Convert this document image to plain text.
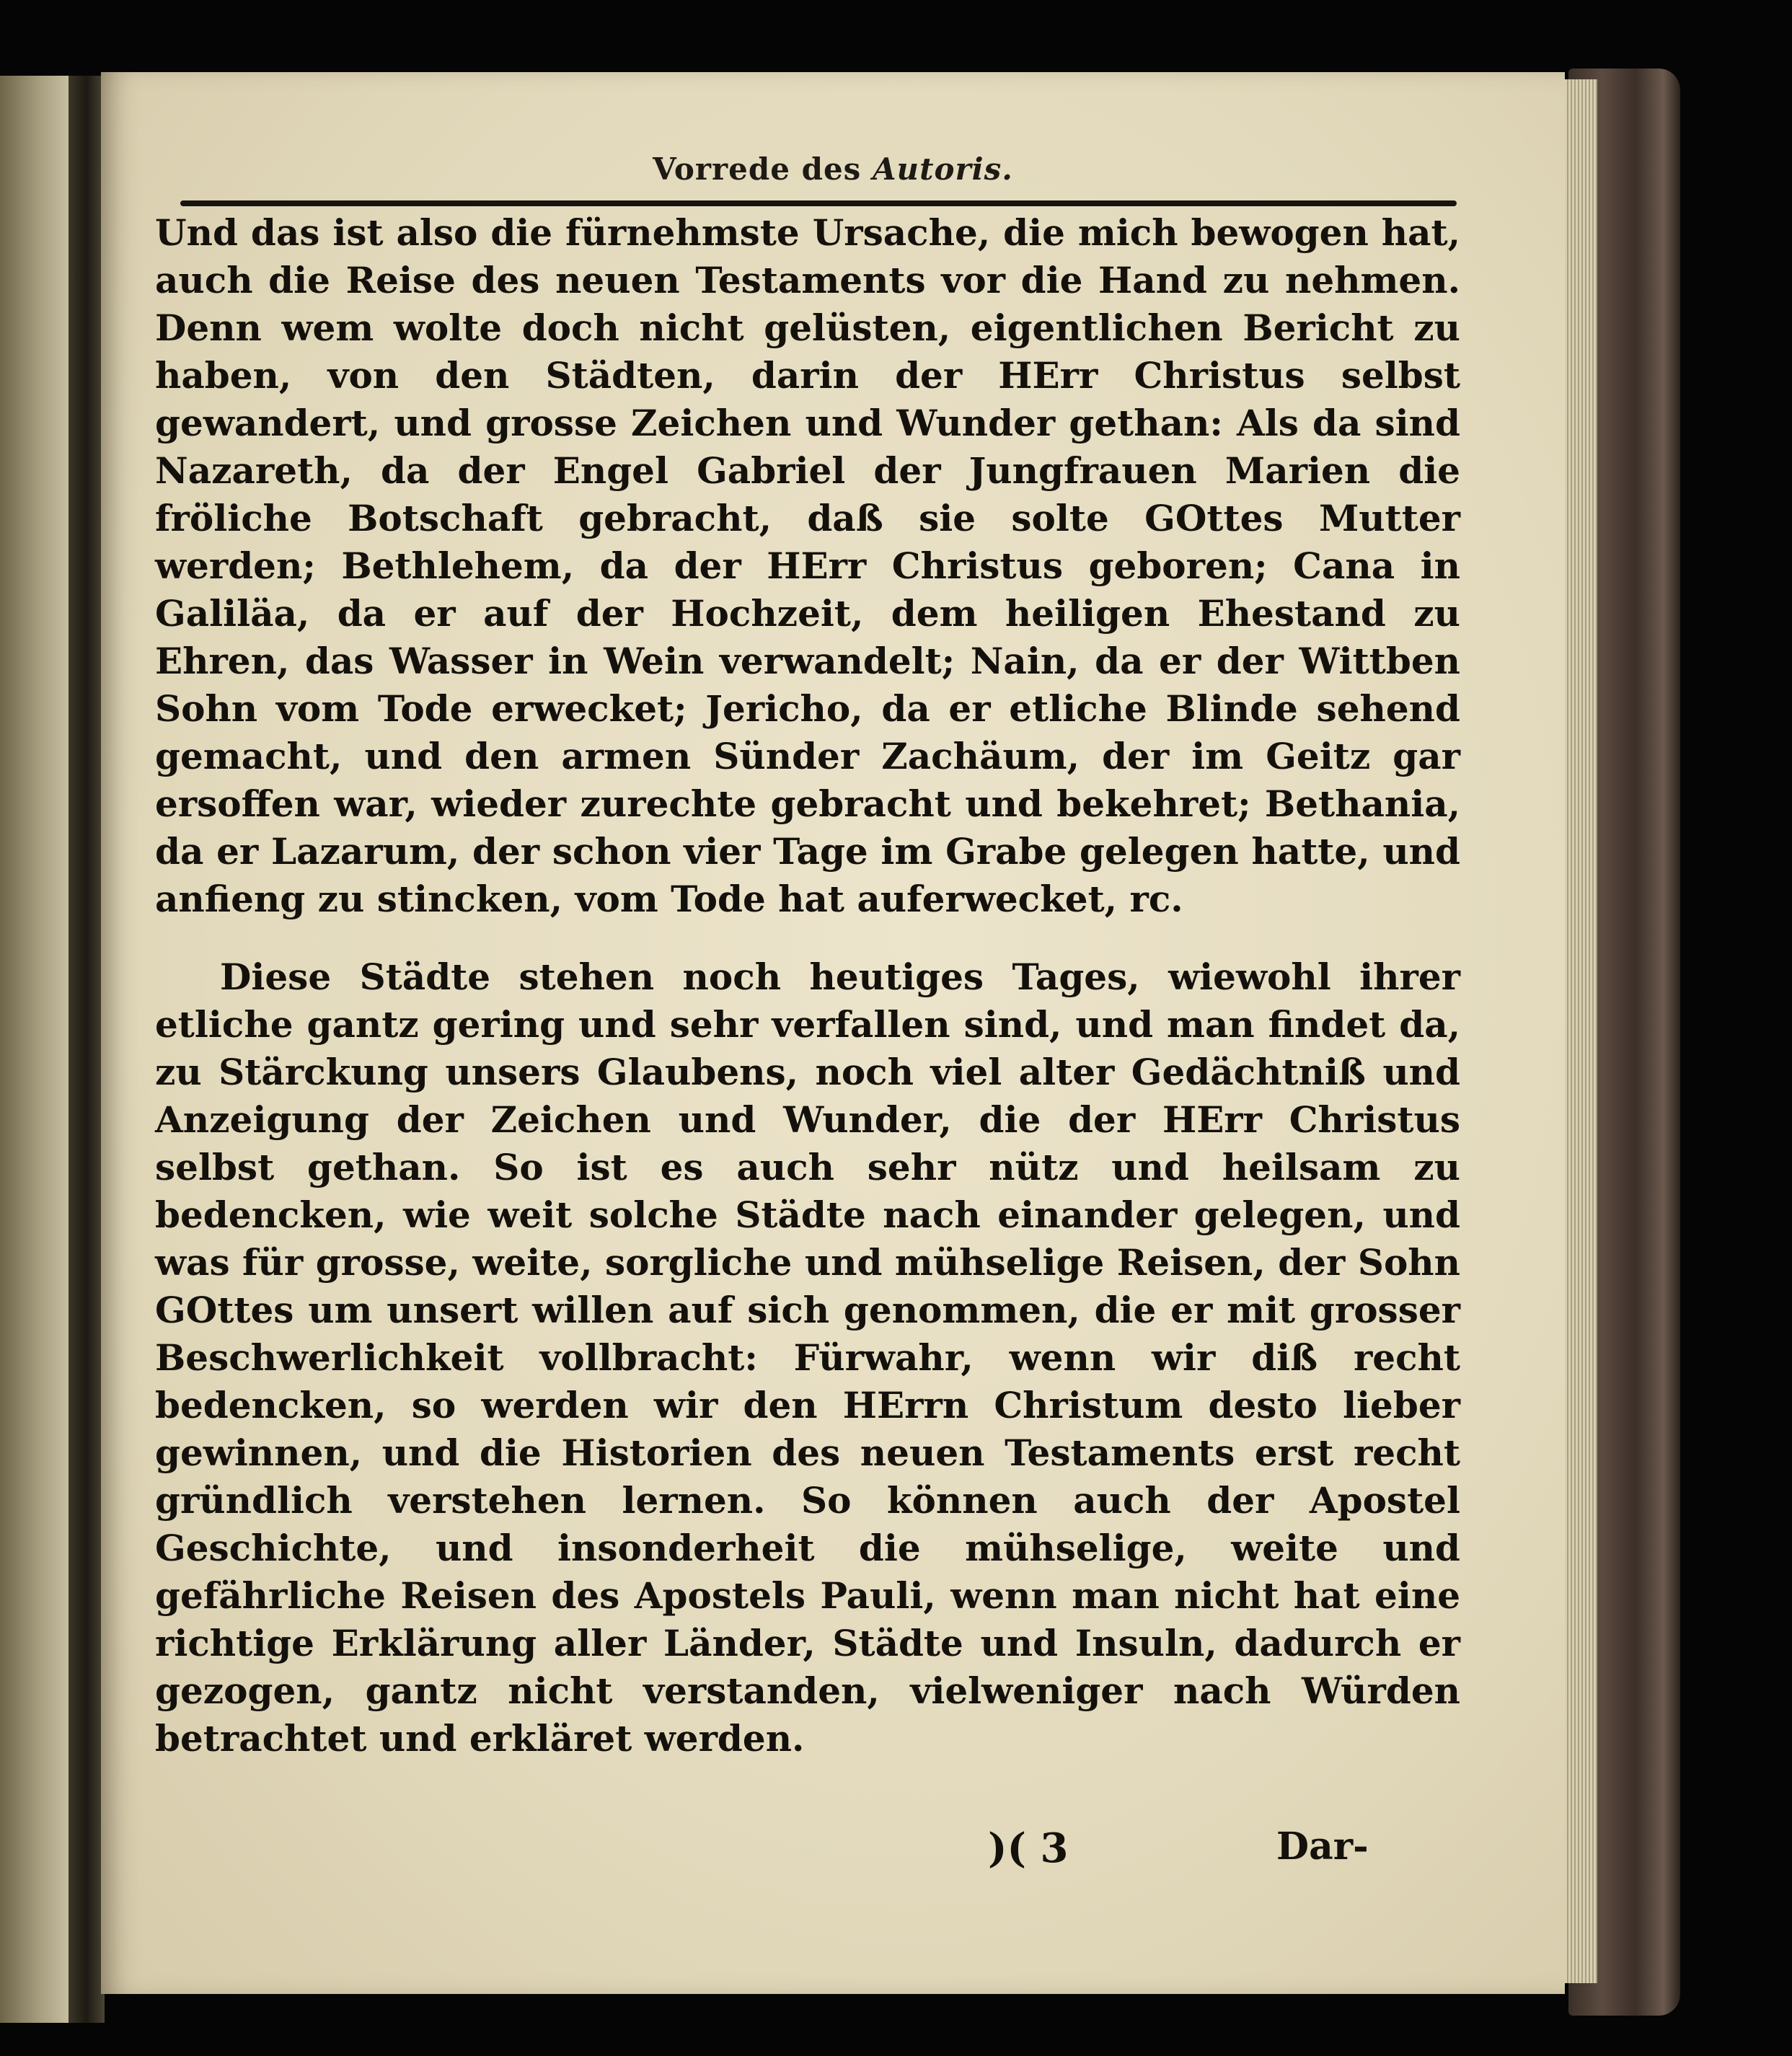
Vorrede des Autoris.

Und das ist also die fürnehmste Ursache, die mich bewogen hat, auch die Reise des neuen Testaments vor die Hand zu nehmen. Denn wem wolte doch nicht gelüsten, eigentlichen Bericht zu haben, von den Städten, darin der HErr Christus selbst gewandert, und grosse Zeichen und Wunder gethan: Als da sind Nazareth, da der Engel Gabriel der Jungfrauen Marien die fröliche Botschaft gebracht, daß sie solte GOttes Mutter werden; Bethlehem, da der HErr Christus geboren; Cana in Galiläa, da er auf der Hochzeit, dem heiligen Ehestand zu Ehren, das Wasser in Wein verwandelt; Nain, da er der Wittben Sohn vom Tode erwecket; Jericho, da er etliche Blinde sehend gemacht, und den armen Sünder Zachäum, der im Geitz gar ersoffen war, wieder zurechte gebracht und bekehret; Bethania, da er Lazarum, der schon vier Tage im Grabe gelegen hatte, und anfieng zu stincken, vom Tode hat auferwecket, rc.

Diese Städte stehen noch heutiges Tages, wiewohl ihrer etliche gantz gering und sehr verfallen sind, und man findet da, zu Stärckung unsers Glaubens, noch viel alter Gedächtniß und Anzeigung der Zeichen und Wunder, die der HErr Christus selbst gethan. So ist es auch sehr nütz und heilsam zu bedencken, wie weit solche Städte nach einander gelegen, und was für grosse, weite, sorgliche und mühselige Reisen, der Sohn GOttes um unsert willen auf sich genommen, die er mit grosser Beschwerlichkeit vollbracht: Fürwahr, wenn wir diß recht bedencken, so werden wir den HErrn Christum desto lieber gewinnen, und die Historien des neuen Testaments erst recht gründlich verstehen lernen. So können auch der Apostel Geschichte, und insonderheit die mühselige, weite und gefährliche Reisen des Apostels Pauli, wenn man nicht hat eine richtige Erklärung aller Länder, Städte und Insuln, dadurch er gezogen, gantz nicht verstanden, vielweniger nach Würden betrachtet und erkläret werden.

)( 3	Dar-
